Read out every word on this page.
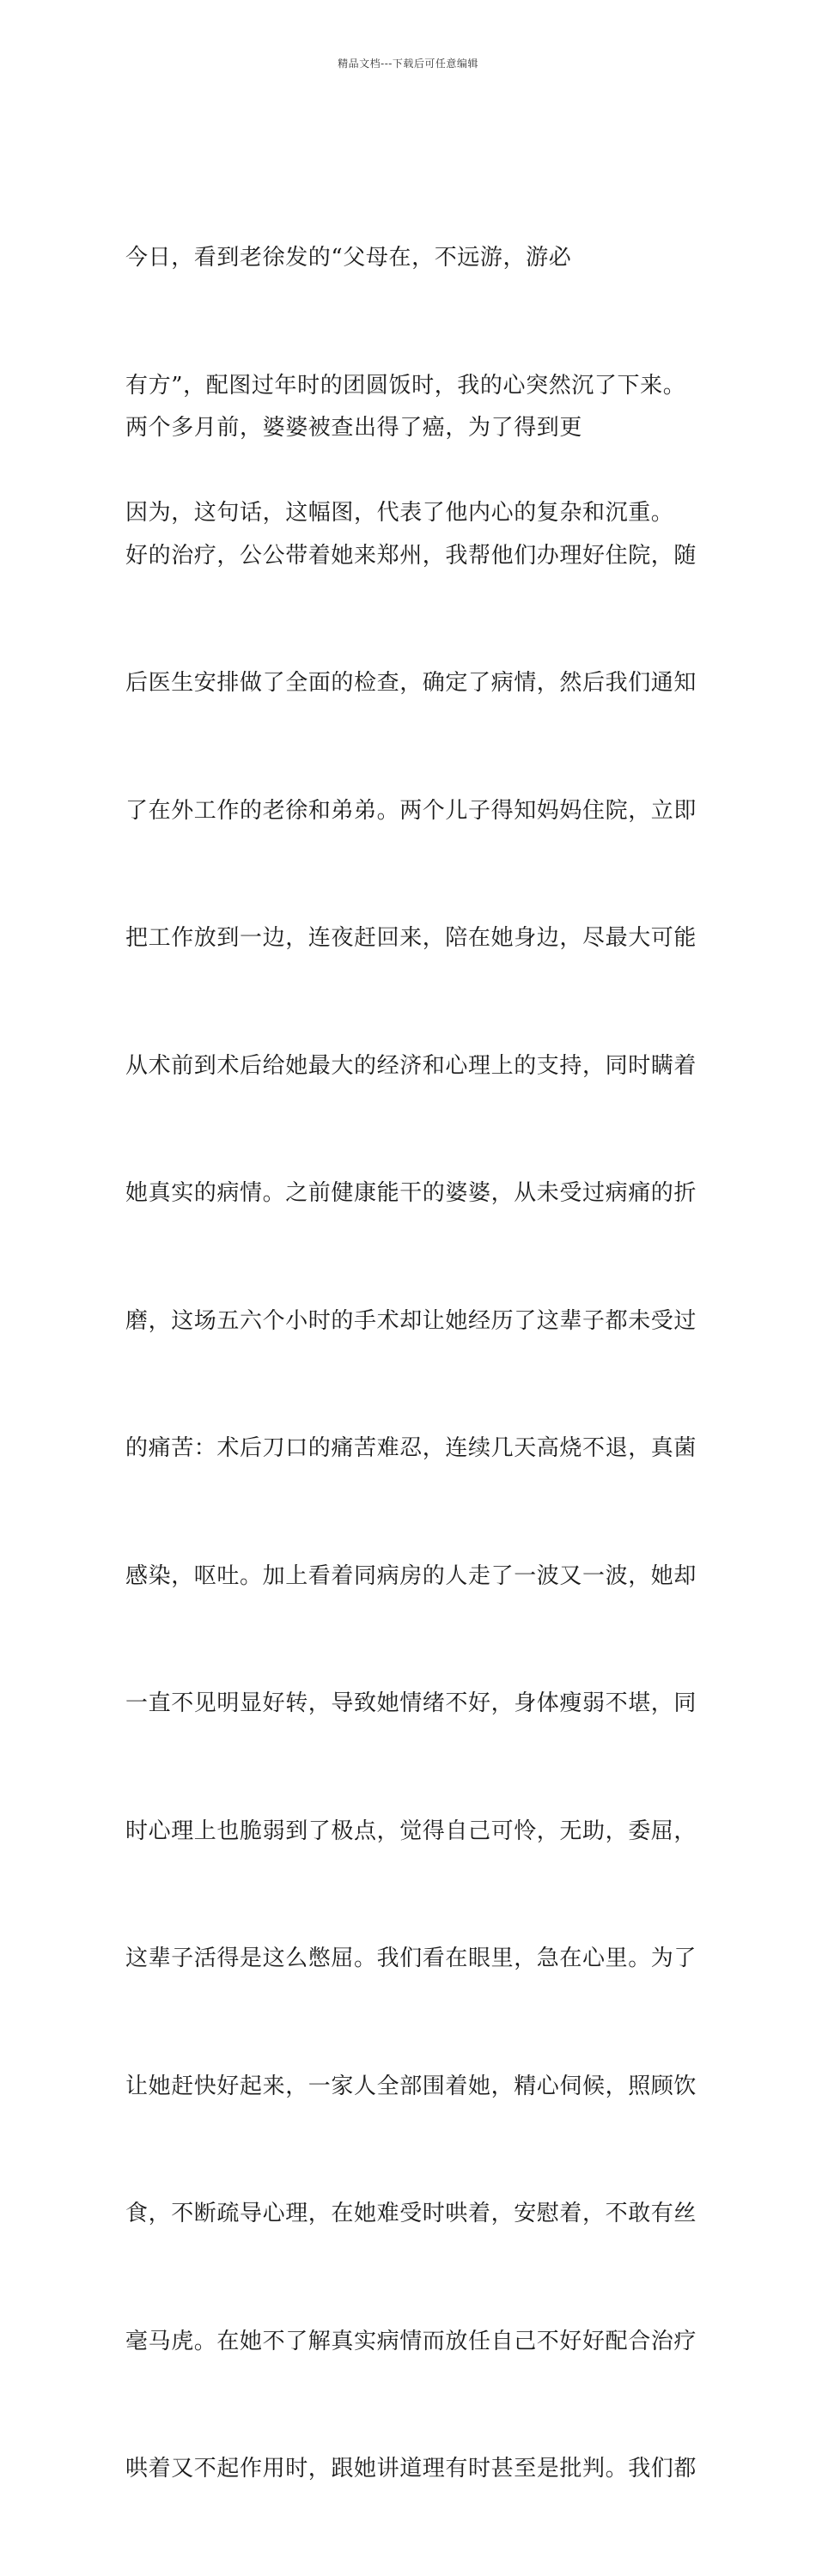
精品文档---下载后可任意编辑

今日，看到老徐发的“父母在，不远游，游必

有方”，配图过年时的团圆饭时，我的心突然沉了下来。

因为，这句话，这幅图，代表了他内心的复杂和沉重。

两个多月前，婆婆被查出得了癌，为了得到更

好的治疗，公公带着她来郑州，我帮他们办理好住院，随

后医生安排做了全面的检查，确定了病情，然后我们通知

了在外工作的老徐和弟弟。两个儿子得知妈妈住院，立即

把工作放到一边，连夜赶回来，陪在她身边，尽最大可能

从术前到术后给她最大的经济和心理上的支持，同时瞒着

她真实的病情。之前健康能干的婆婆，从未受过病痛的折

磨，这场五六个小时的手术却让她经历了这辈子都未受过

的痛苦：术后刀口的痛苦难忍，连续几天高烧不退，真菌

感染，呕吐。加上看着同病房的人走了一波又一波，她却

一直不见明显好转，导致她情绪不好，身体瘦弱不堪，同

时心理上也脆弱到了极点，觉得自己可怜，无助，委屈，

这辈子活得是这么憋屈。我们看在眼里，急在心里。为了

让她赶快好起来，一家人全部围着她，精心伺候，照顾饮

食，不断疏导心理，在她难受时哄着，安慰着，不敢有丝

毫马虎。在她不了解真实病情而放任自己不好好配合治疗

哄着又不起作用时，跟她讲道理有时甚至是批判。我们都
